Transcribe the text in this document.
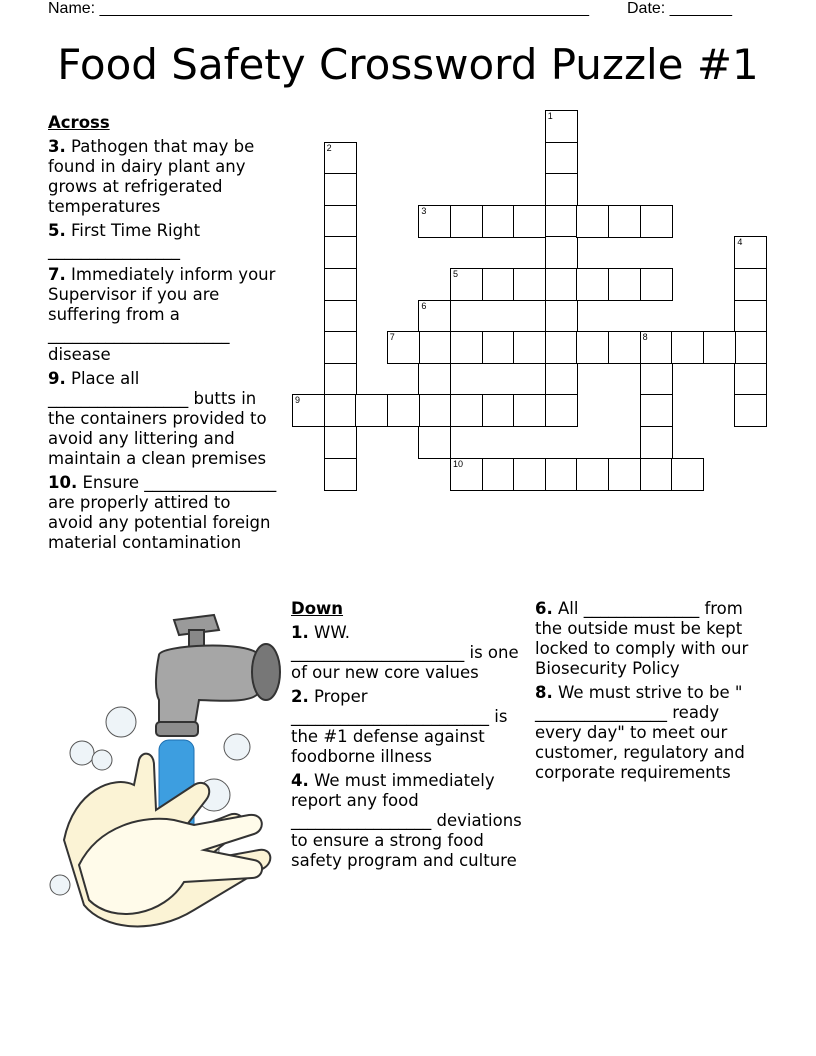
Name: _______________________________________________________ Date: _______
Food Safety Crossword Puzzle #1
1
2
3
4
5
6
7	8
9
10
Across
3. Pathogen that may be found in dairy plant any grows at refrigerated temperatures
5. First Time Right ________________
7. Immediately inform your Supervisor if you are suffering from a ______________________ disease
9. Place all _________________ butts in the containers provided to avoid any littering and maintain a clean premises
10. Ensure ________________ are properly attired to avoid any potential foreign material contamination
Down
1. WW. _____________________ is one of our new core values
2. Proper ________________________ is the #1 defense against foodborne illness
4. We must immediately report any food _________________ deviations to ensure a strong food safety program and culture
6. All ______________ from the outside must be kept locked to comply with our Biosecurity Policy
8. We must strive to be " ________________ ready every day" to meet our customer, regulatory and corporate requirements
